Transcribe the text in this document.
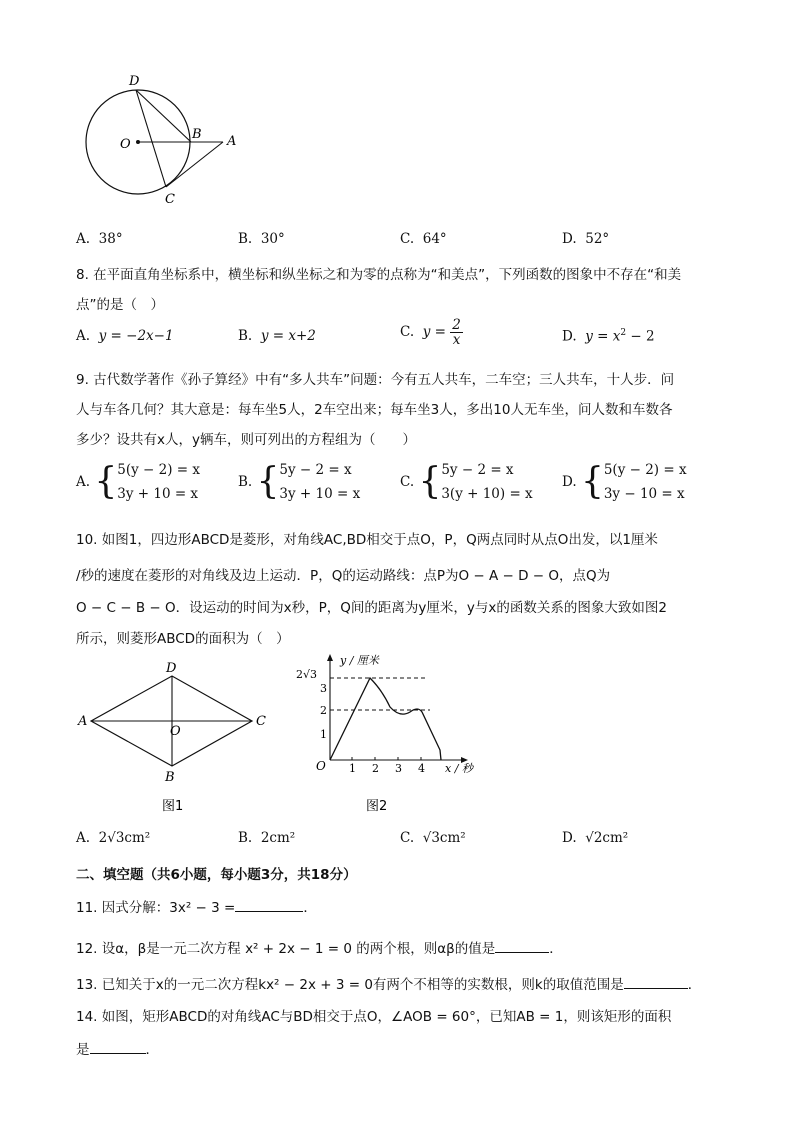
D
O
B A
C
A. 38°	B. 30°	C. 64°	D. 52°
8. 在平面直角坐标系中，横坐标和纵坐标之和为零的点称为“和美点”，下列函数的图象中不存在“和美
点”的是（　）
A. y = −2x−1	B. y = x+2	C. $y = \frac{2}{x}$	D. $y = x^2 - 2$
9. 古代数学著作《孙子算经》中有“多人共车”问题：今有五人共车，二车空；三人共车，十人步．问
人与车各几何？其大意是：每车坐5人，2车空出来；每车坐3人，多出10人无车坐，问人数和车数各
多少？设共有x人，y辆车，则可列出的方程组为（　　）
A. {5(y − 2) = x
3y + 10 = x
B. {5y − 2 = x
3y + 10 = x
C. {5y − 2 = x
3(y + 10) = x
D. {5(y − 2) = x
3y − 10 = x
10. 如图1，四边形ABCD是菱形，对角线AC,BD相交于点O，P，Q两点同时从点O出发，以1厘米
/秒的速度在菱形的对角线及边上运动．P，Q的运动路线：点P为O − A − D − O，点Q为
O − C − B − O．设运动的时间为x秒，P，Q间的距离为y厘米，y与x的函数关系的图象大致如图2
所示，则菱形ABCD的面积为（　）
A
D
C
O
B
图1
y / 厘米
2√3
3
2
1
O 1 2 3 4 x / 秒
图2
A. 2√3cm²	B. 2cm²	C. √3cm²	D. √2cm²
二、填空题（共6小题，每小题3分，共18分）
11. 因式分解：3x² − 3 =	．
12. 设α，β是一元二次方程 x² + 2x − 1 = 0 的两个根，则αβ的值是	．
13. 已知关于x的一元二次方程kx² − 2x + 3 = 0有两个不相等的实数根，则k的取值范围是	．
14. 如图，矩形ABCD的对角线AC与BD相交于点O，∠AOB = 60°，已知AB = 1，则该矩形的面积
是	．
